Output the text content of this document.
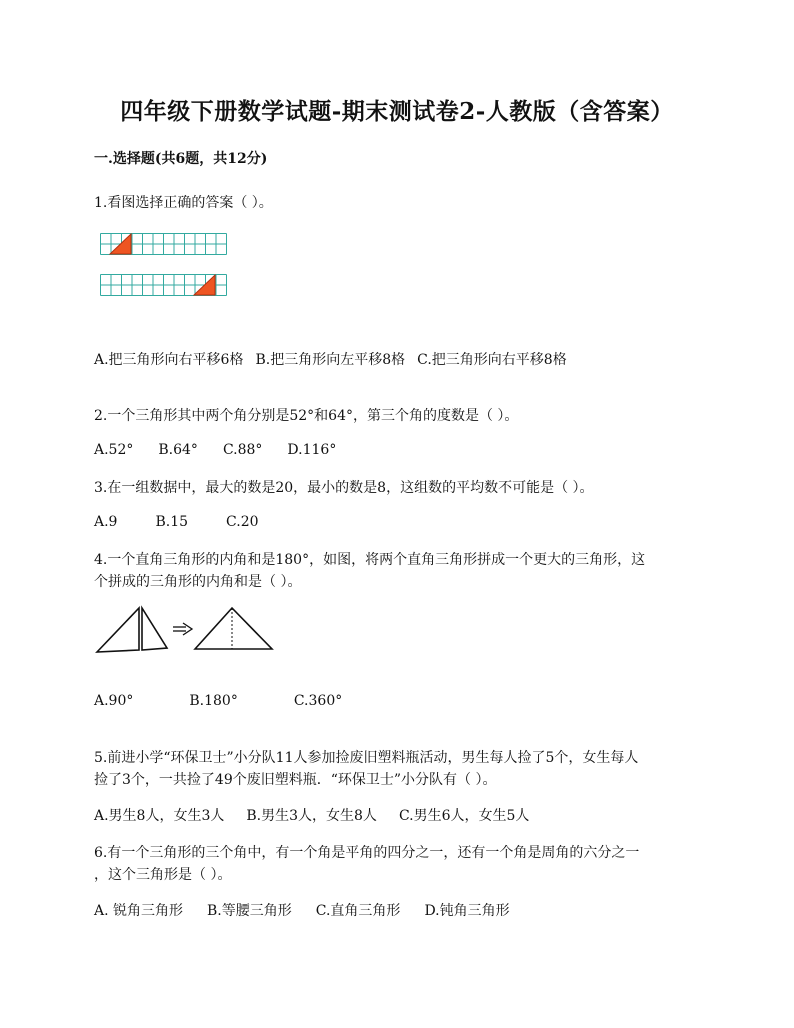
四年级下册数学试题-期末测试卷2-人教版（含答案）
一.选择题(共6题，共12分)
1.看图选择正确的答案（ ）。
A.把三角形向右平移6格 B.把三角形向左平移8格 C.把三角形向右平移8格
2.一个三角形其中两个角分别是52°和64°，第三个角的度数是（ ）。
A.52° B.64° C.88° D.116°
3.在一组数据中，最大的数是20，最小的数是8，这组数的平均数不可能是（ ）。
A.9	B.15	C.20
4.一个直角三角形的内角和是180°，如图，将两个直角三角形拼成一个更大的三角形，这
个拼成的三角形的内角和是（ ）。
A.90°	B.180°	C.360°
5.前进小学“环保卫士”小分队11人参加捡废旧塑料瓶活动，男生每人捡了5个，女生每人
捡了3个，一共捡了49个废旧塑料瓶．“环保卫士”小分队有（ ）。
A.男生8人，女生3人 B.男生3人，女生8人 C.男生6人，女生5人
6.有一个三角形的三个角中，有一个角是平角的四分之一，还有一个角是周角的六分之一
，这个三角形是（ ）。
A. 锐角三角形 B.等腰三角形 C.直角三角形 D.钝角三角形
